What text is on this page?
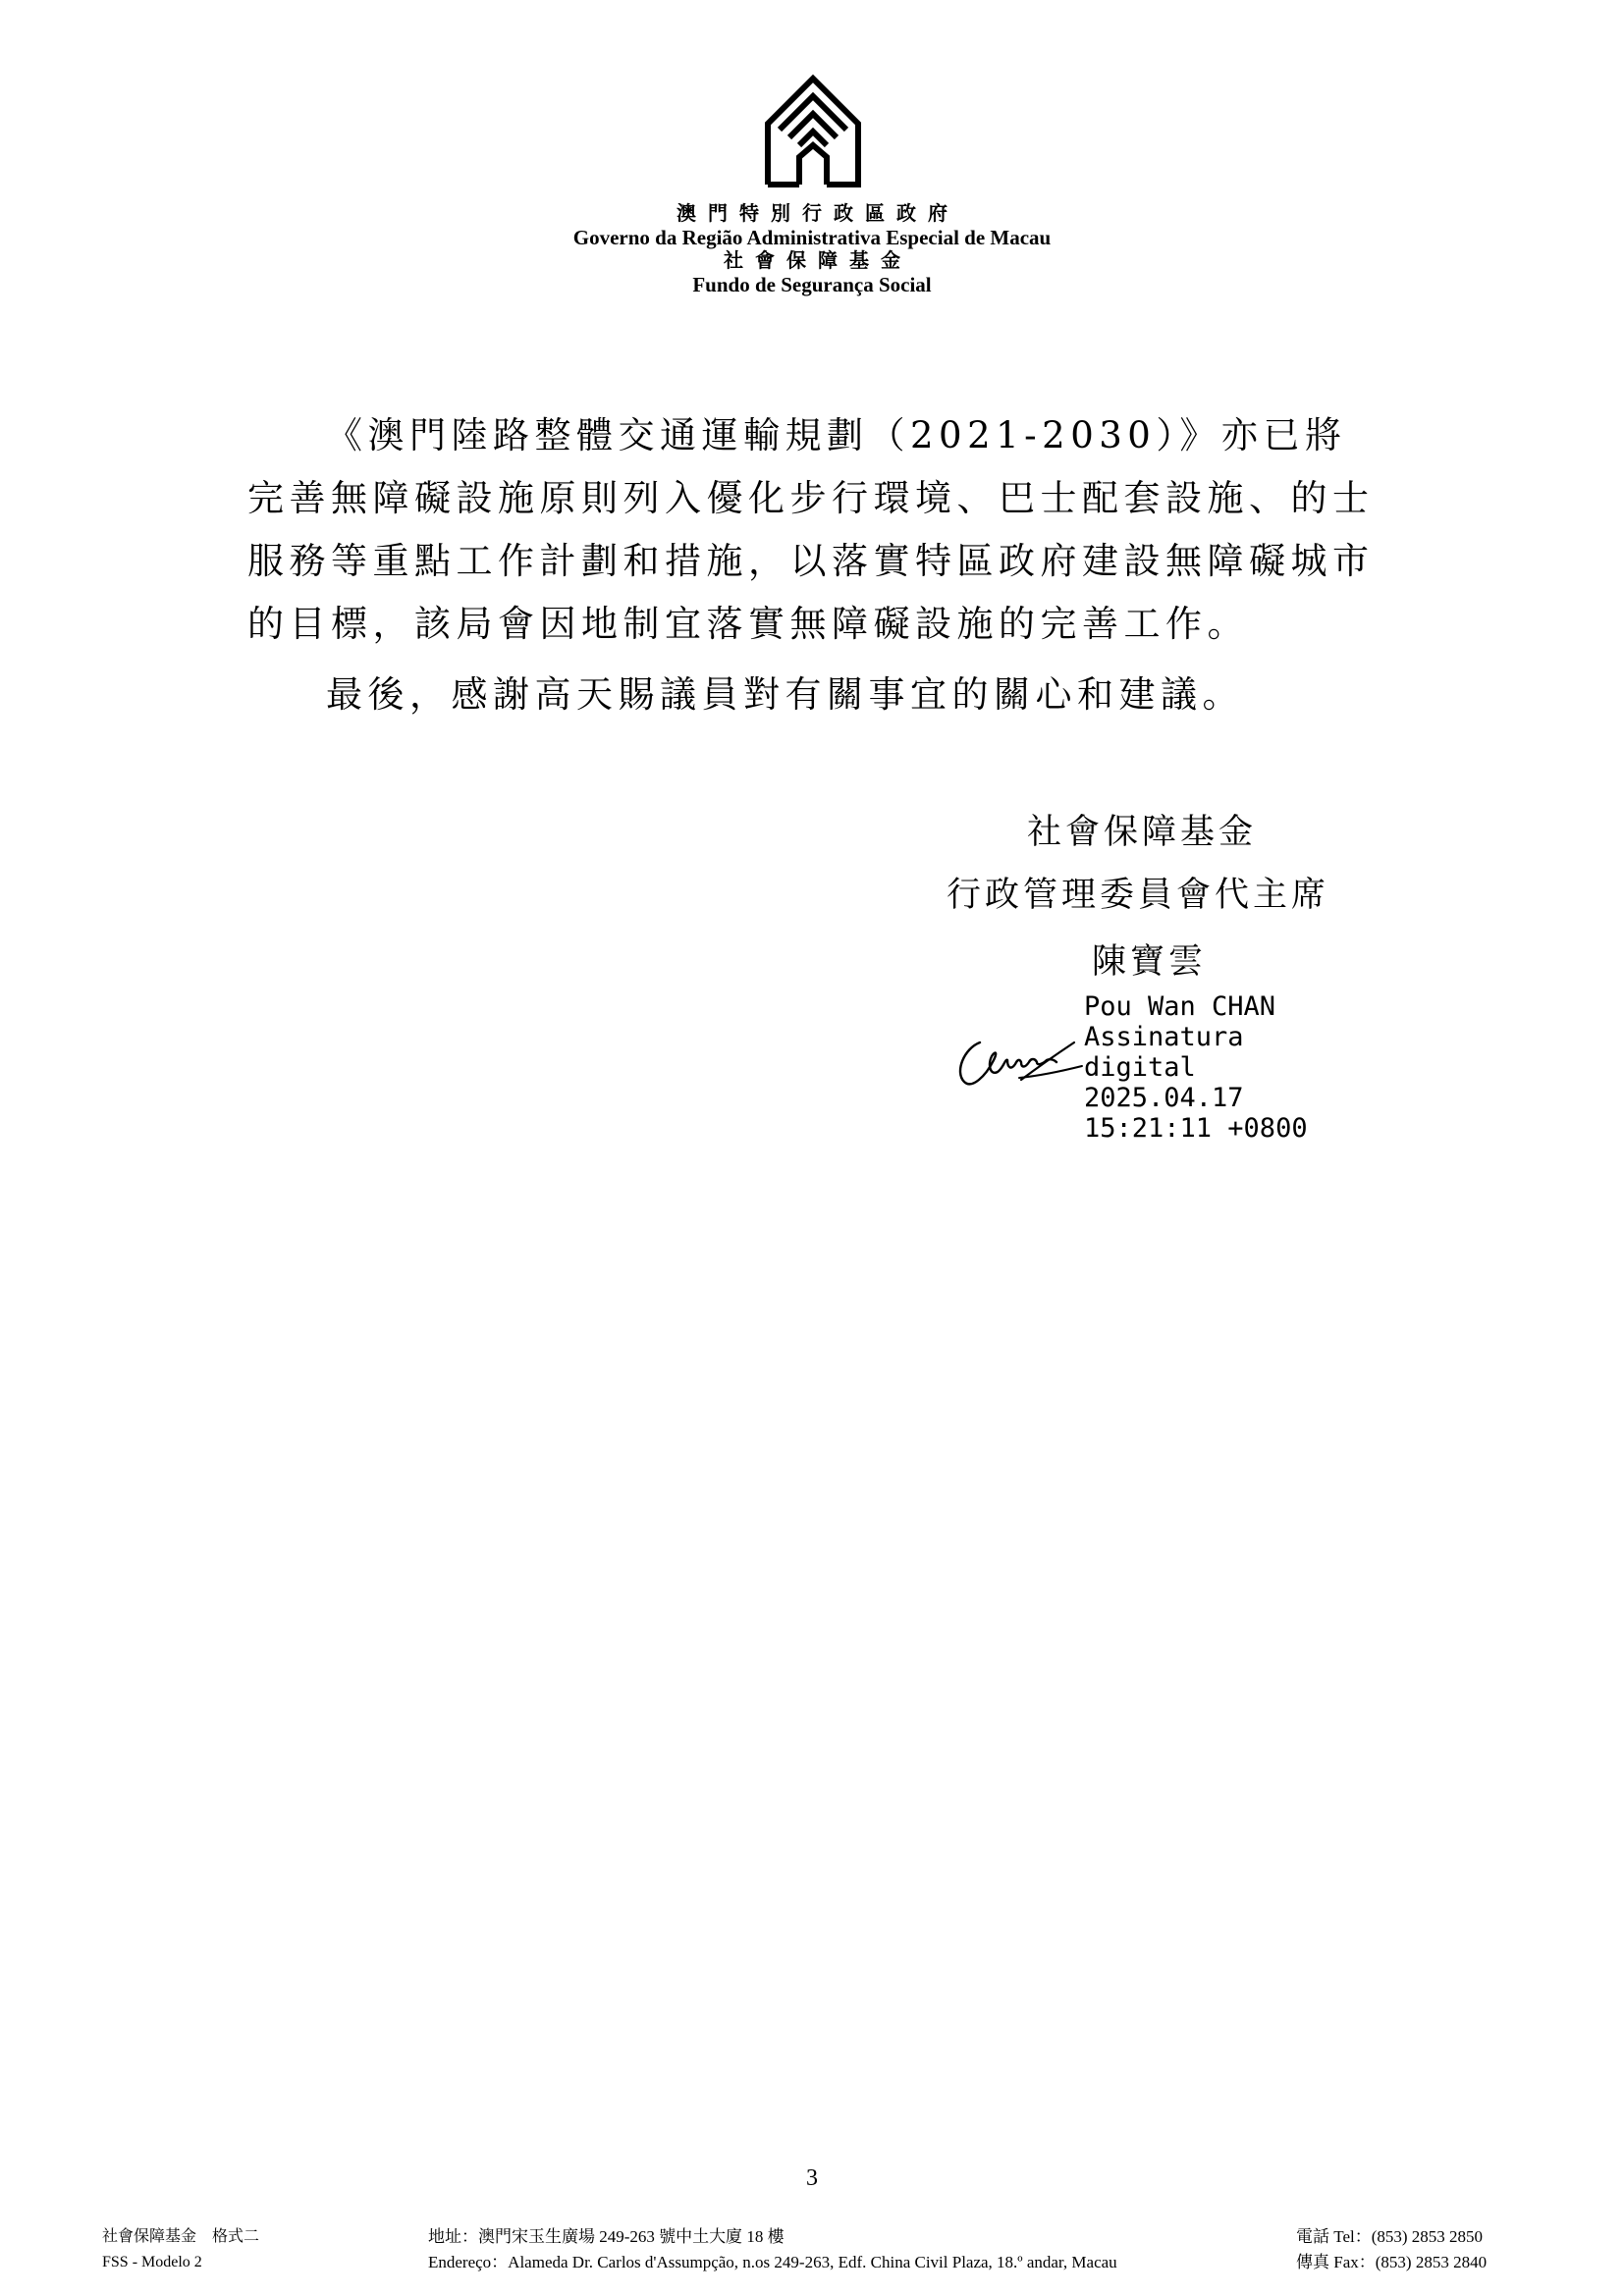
澳門特別行政區政府
Governo da Região Administrativa Especial de Macau
社會保障基金
Fundo de Segurança Social
《澳門陸路整體交通運輸規劃（2021-2030）》亦已將完善無障礙設施原則列入優化步行環境、巴士配套設施、的士服務等重點工作計劃和措施，以落實特區政府建設無障礙城市的目標，該局會因地制宜落實無障礙設施的完善工作。
最後，感謝高天賜議員對有關事宜的關心和建議。
社會保障基金
行政管理委員會代主席
陳寶雲
Pou Wan CHAN
Assinatura
digital
2025.04.17
15:21:11 +0800
3
社會保障基金　格式二
FSS - Modelo 2
地址：澳門宋玉生廣場 249-263 號中土大廈 18 樓
Endereço：Alameda Dr. Carlos d'Assumpção, n.os 249-263, Edf. China Civil Plaza, 18.º andar, Macau
電話 Tel：(853) 2853 2850
傳真 Fax：(853) 2853 2840
